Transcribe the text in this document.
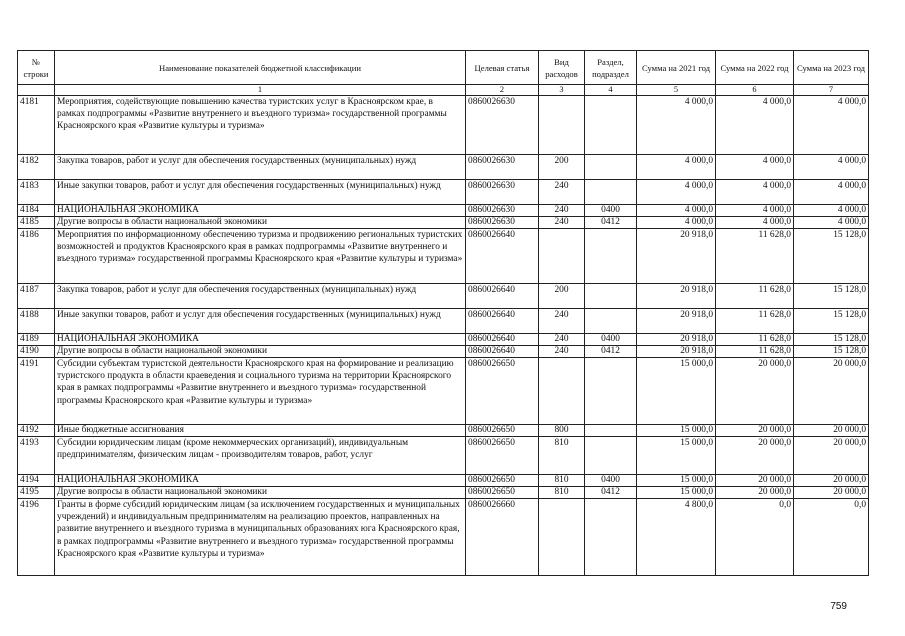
№ строки	Наименование показателей бюджетной классификации	Целевая статья	Вид расходов	Раздел, подраздел	Сумма на 2021 год	Сумма на 2022 год	Сумма на 2023 год
	1	2	3	4	5	6	7
4181	Мероприятия, содействующие повышению качества туристских услуг в Красноярском крае, в рамках подпрограммы «Развитие внутреннего и въездного туризма» государственной программы Красноярского края «Развитие культуры и туризма»	0860026630			4 000,0	4 000,0	4 000,0
4182	Закупка товаров, работ и услуг для обеспечения государственных (муниципальных) нужд	0860026630	200		4 000,0	4 000,0	4 000,0
4183	Иные закупки товаров, работ и услуг для обеспечения государственных (муниципальных) нужд	0860026630	240		4 000,0	4 000,0	4 000,0
4184	НАЦИОНАЛЬНАЯ ЭКОНОМИКА	0860026630	240	0400	4 000,0	4 000,0	4 000,0
4185	Другие вопросы в области национальной экономики	0860026630	240	0412	4 000,0	4 000,0	4 000,0
4186	Мероприятия по информационному обеспечению туризма и продвижению региональных туристских возможностей и продуктов Красноярского края в рамках подпрограммы «Развитие внутреннего и въездного туризма» государственной программы Красноярского края «Развитие культуры и туризма»	0860026640			20 918,0	11 628,0	15 128,0
4187	Закупка товаров, работ и услуг для обеспечения государственных (муниципальных) нужд	0860026640	200		20 918,0	11 628,0	15 128,0
4188	Иные закупки товаров, работ и услуг для обеспечения государственных (муниципальных) нужд	0860026640	240		20 918,0	11 628,0	15 128,0
4189	НАЦИОНАЛЬНАЯ ЭКОНОМИКА	0860026640	240	0400	20 918,0	11 628,0	15 128,0
4190	Другие вопросы в области национальной экономики	0860026640	240	0412	20 918,0	11 628,0	15 128,0
4191	Субсидии субъектам туристской деятельности Красноярского края на формирование и реализацию туристского продукта в области краеведения и социального туризма на территории Красноярского края в рамках подпрограммы «Развитие внутреннего и въездного туризма» государственной программы Красноярского края «Развитие культуры и туризма»	0860026650			15 000,0	20 000,0	20 000,0
4192	Иные бюджетные ассигнования	0860026650	800		15 000,0	20 000,0	20 000,0
4193	Субсидии юридическим лицам (кроме некоммерческих организаций), индивидуальным предпринимателям, физическим лицам - производителям товаров, работ, услуг	0860026650	810		15 000,0	20 000,0	20 000,0
4194	НАЦИОНАЛЬНАЯ ЭКОНОМИКА	0860026650	810	0400	15 000,0	20 000,0	20 000,0
4195	Другие вопросы в области национальной экономики	0860026650	810	0412	15 000,0	20 000,0	20 000,0
4196	Гранты в форме субсидий юридическим лицам (за исключением государственных и муниципальных учреждений) и индивидуальным предпринимателям на реализацию проектов, направленных на развитие внутреннего и въездного туризма в муниципальных образованиях юга Красноярского края, в рамках подпрограммы «Развитие внутреннего и въездного туризма» государственной программы Красноярского края «Развитие культуры и туризма»	0860026660			4 800,0	0,0	0,0
759
